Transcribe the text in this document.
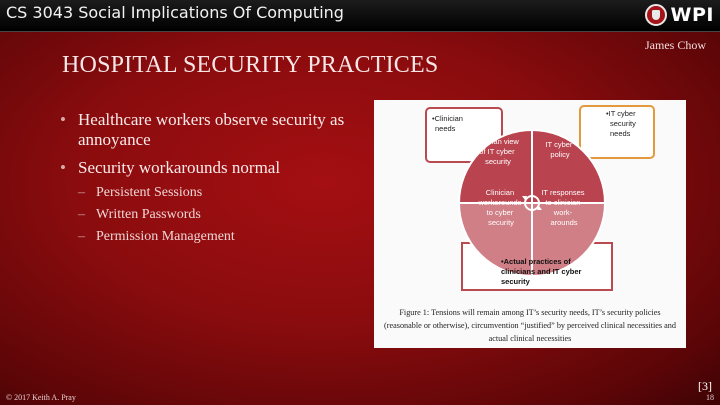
CS 3043 Social Implications Of Computing	WPI
James Chow
HOSPITAL SECURITY PRACTICES
• Healthcare workers observe security as annoyance
• Security workarounds normal
– Persistent Sessions
– Written Passwords
– Permission Management
•Clinician needs
•IT cyber security needs
•Actual practices of clinicians and IT cyber security
clinician view of IT cyber security
IT cyber policy
Clinician workarounds to cyber security
IT responses to clinician work- arounds
Figure 1: Tensions will remain among IT’s security needs, IT’s security policies (reasonable or otherwise), circumvention “justified” by perceived clinical necessities and actual clinical necessities
[3]
© 2017 Keith A. Pray	18
